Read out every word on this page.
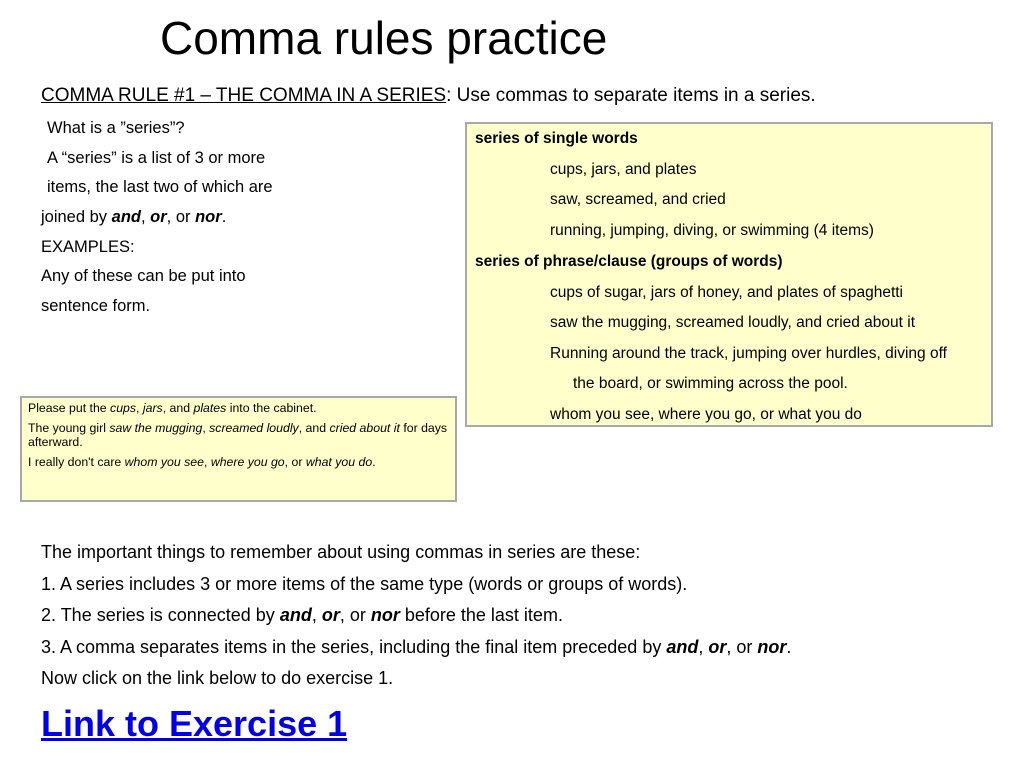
Comma rules practice
COMMA RULE #1 – THE COMMA IN A SERIES: Use commas to separate items in a series.
What is a ”series”?
A “series” is a list of 3 or more
items, the last two of which are
joined by and, or, or nor.
EXAMPLES:
Any of these can be put into
sentence form.
series of single words
cups, jars, and plates
saw, screamed, and cried
running, jumping, diving, or swimming (4 items)
series of phrase/clause (groups of words)
cups of sugar, jars of honey, and plates of spaghetti
saw the mugging, screamed loudly, and cried about it
Running around the track, jumping over hurdles, diving off
the board, or swimming across the pool.
whom you see, where you go, or what you do

Please put the cups, jars, and plates into the cabinet.

The young girl saw the mugging, screamed loudly, and cried about it for days afterward.

I really don't care whom you see, where you go, or what you do.

The important things to remember about using commas in series are these:
1. A series includes 3 or more items of the same type (words or groups of words).
2. The series is connected by and, or, or nor before the last item.
3. A comma separates items in the series, including the final item preceded by and, or, or nor.
Now click on the link below to do exercise 1.
Link to Exercise 1
